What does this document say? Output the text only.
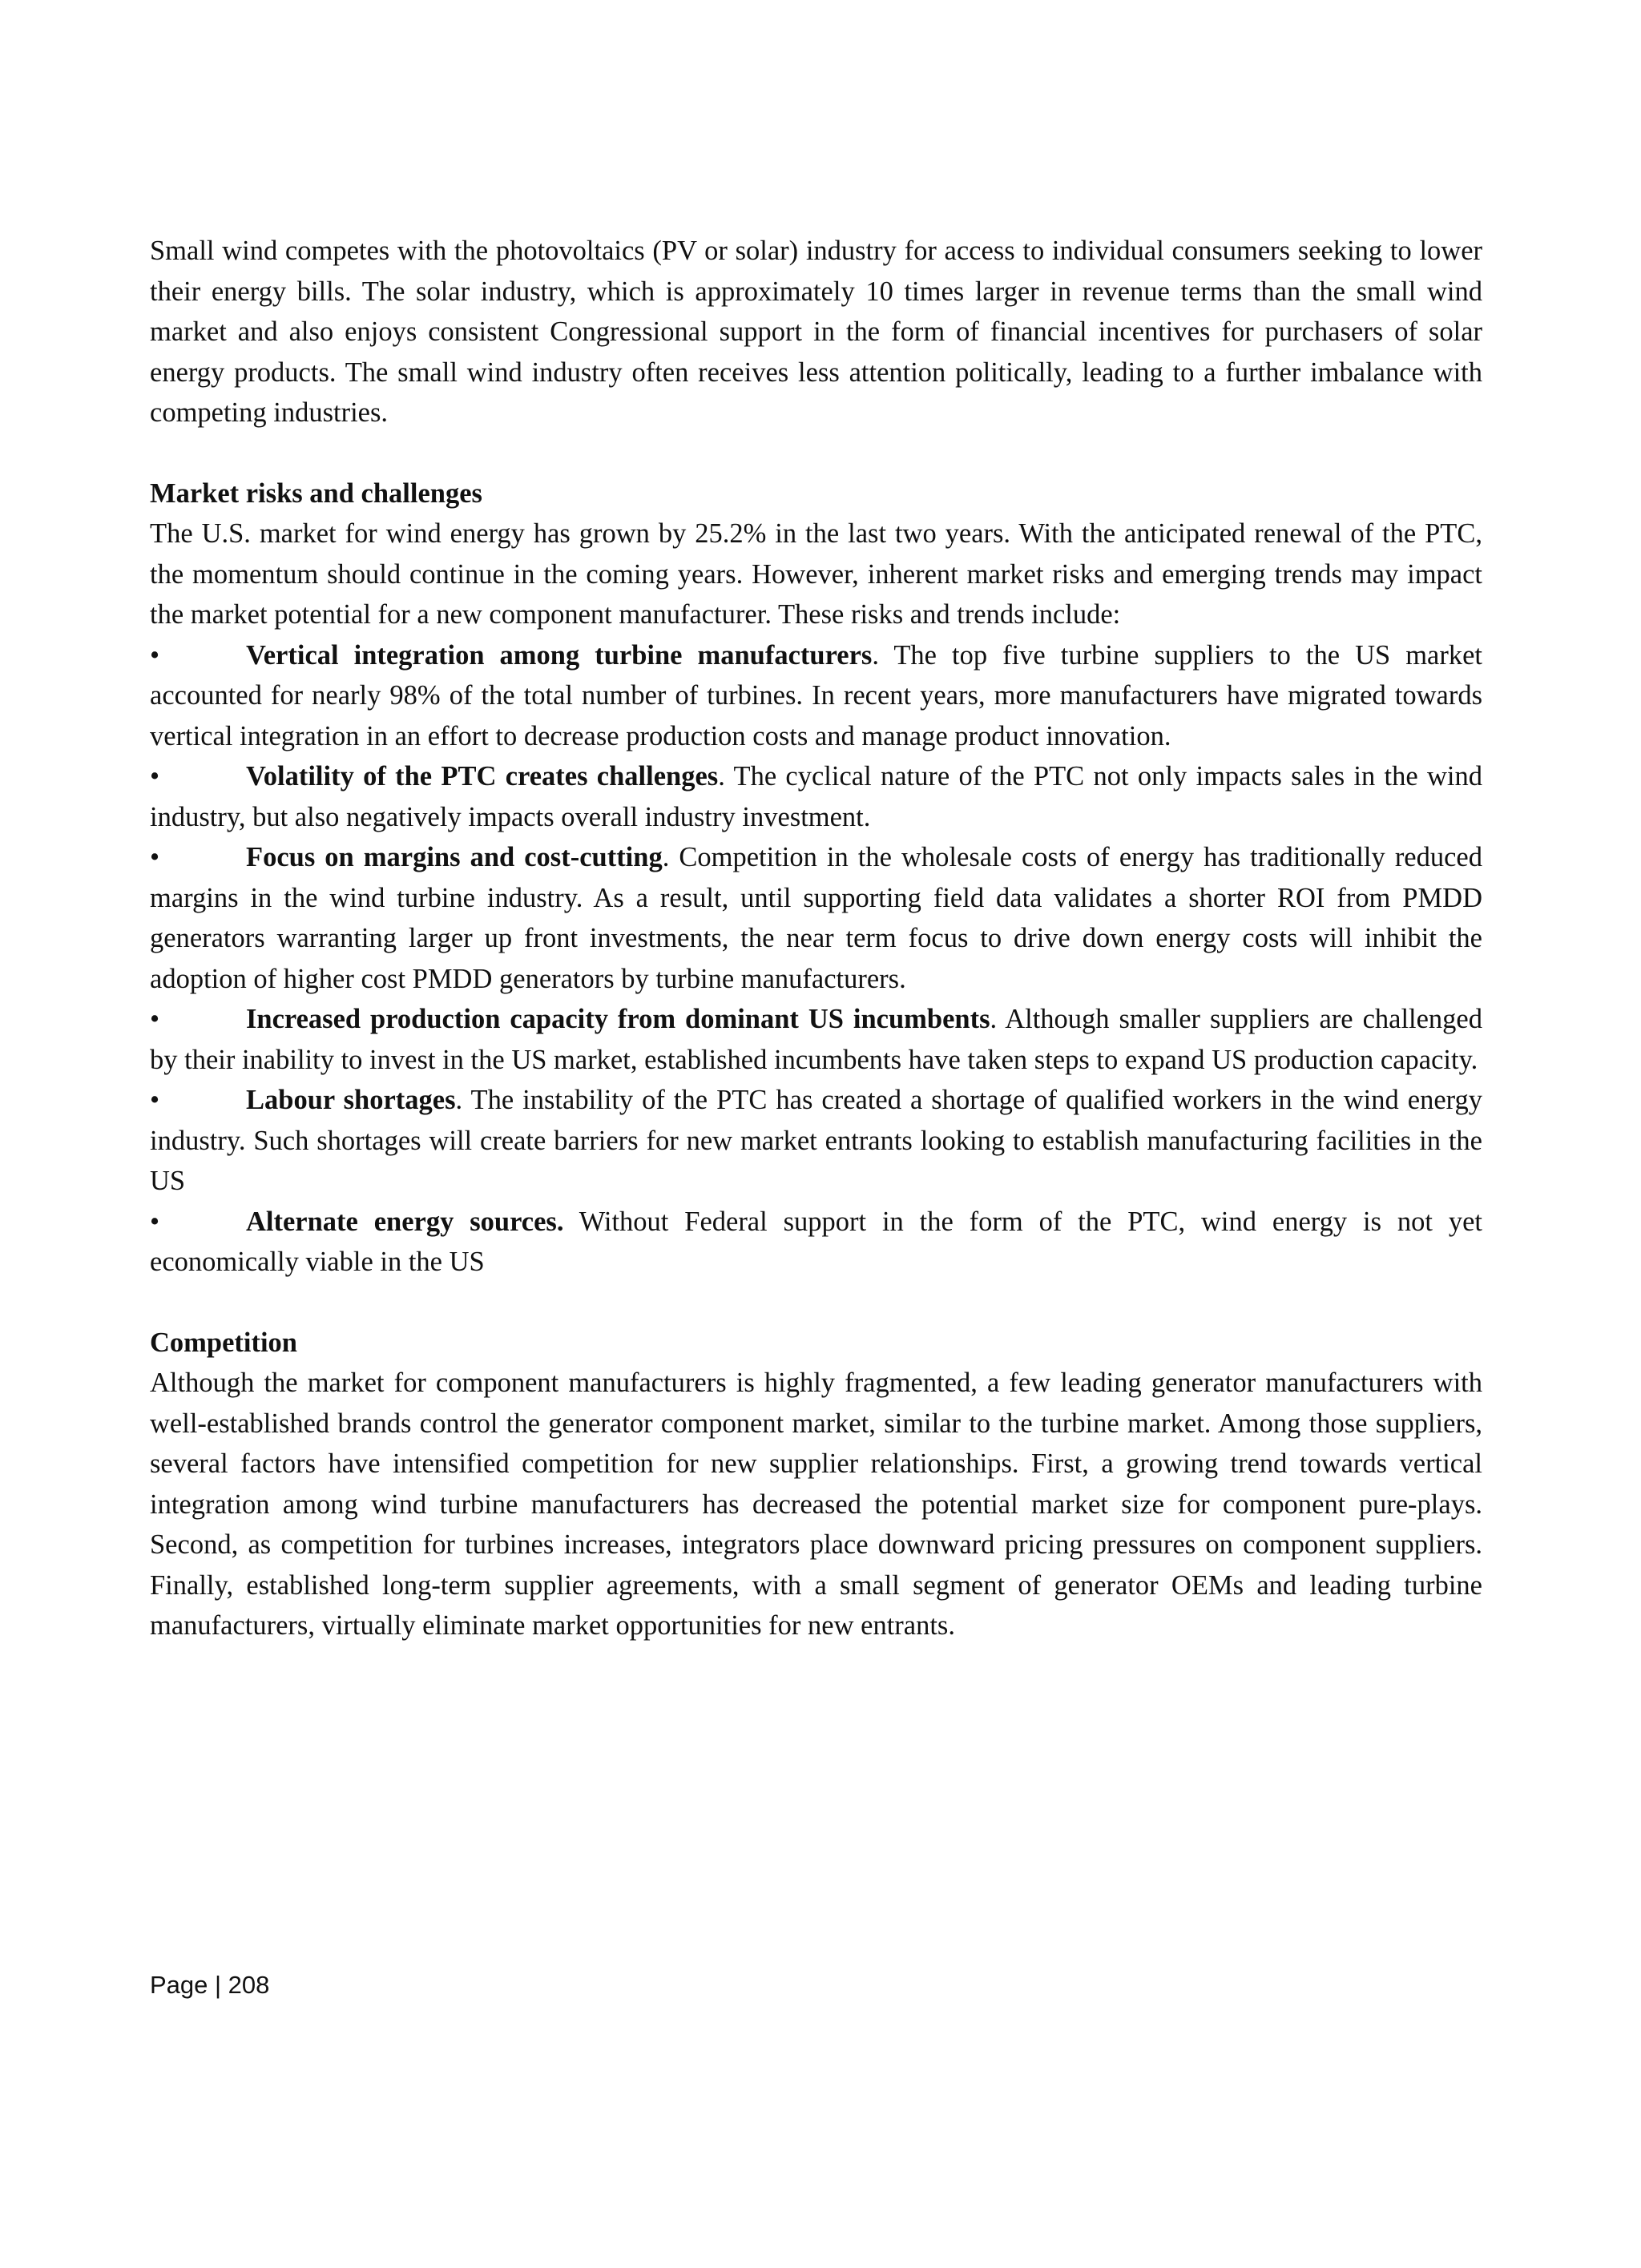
Small wind competes with the photovoltaics (PV or solar) industry for access to individual consumers seeking to lower their energy bills. The solar industry, which is approximately 10 times larger in revenue terms than the small wind market and also enjoys consistent Congressional support in the form of financial incentives for purchasers of solar energy products. The small wind industry often receives less attention politically, leading to a further imbalance with competing industries.

Market risks and challenges

The U.S. market for wind energy has grown by 25.2% in the last two years. With the anticipated renewal of the PTC, the momentum should continue in the coming years. However, inherent market risks and emerging trends may impact the market potential for a new component manufacturer. These risks and trends include:

•	Vertical integration among turbine manufacturers. The top five turbine suppliers to the US market accounted for nearly 98% of the total number of turbines. In recent years, more manufacturers have migrated towards vertical integration in an effort to decrease production costs and manage product innovation.

•	Volatility of the PTC creates challenges. The cyclical nature of the PTC not only impacts sales in the wind industry, but also negatively impacts overall industry investment.

•	Focus on margins and cost-cutting. Competition in the wholesale costs of energy has traditionally reduced margins in the wind turbine industry. As a result, until supporting field data validates a shorter ROI from PMDD generators warranting larger up front investments, the near term focus to drive down energy costs will inhibit the adoption of higher cost PMDD generators by turbine manufacturers.

•	Increased production capacity from dominant US incumbents. Although smaller suppliers are challenged by their inability to invest in the US market, established incumbents have taken steps to expand US production capacity.

•	Labour shortages. The instability of the PTC has created a shortage of qualified workers in the wind energy industry. Such shortages will create barriers for new market entrants looking to establish manufacturing facilities in the US

•	Alternate energy sources. Without Federal support in the form of the PTC, wind energy is not yet economically viable in the US

Competition

Although the market for component manufacturers is highly fragmented, a few leading generator manufacturers with well-established brands control the generator component market, similar to the turbine market. Among those suppliers, several factors have intensified competition for new supplier relationships. First, a growing trend towards vertical integration among wind turbine manufacturers has decreased the potential market size for component pure-plays. Second, as competition for turbines increases, integrators place downward pricing pressures on component suppliers. Finally, established long-term supplier agreements, with a small segment of generator OEMs and leading turbine manufacturers, virtually eliminate market opportunities for new entrants.

Page | 208
